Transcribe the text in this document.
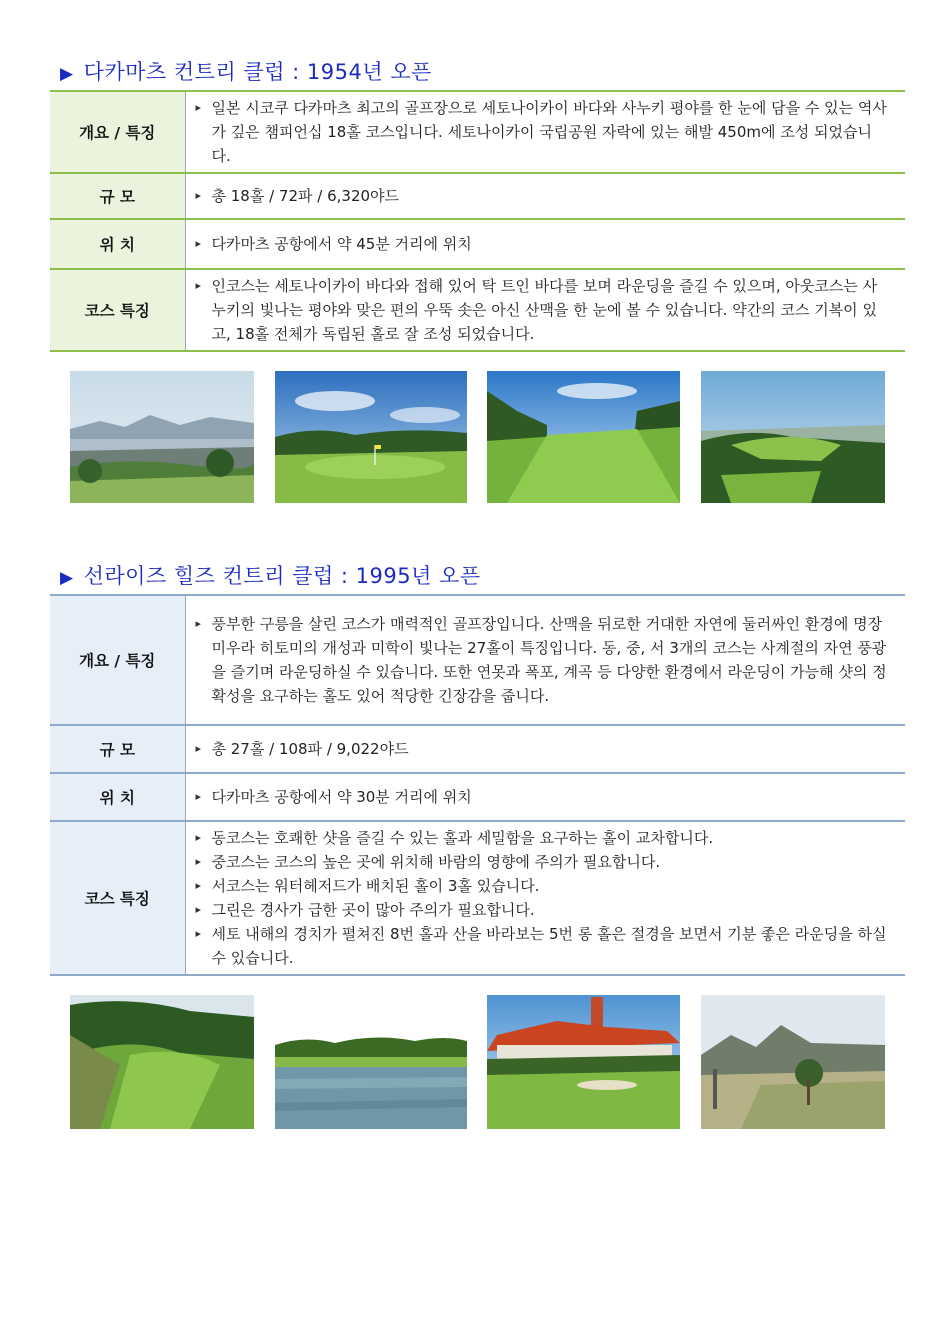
▶ 다카마츠 컨트리 클럽 : 1954년 오픈
개요 / 특징	▸ 일본 시코쿠 다카마츠 최고의 골프장으로 세토나이카이 바다와 사누키 평야를 한 눈에 담을 수 있는 역사가 깊은 챔피언십 18홀 코스입니다. 세토나이카이 국립공원 자락에 있는 해발 450m에 조성 되었습니다.

규 모	▸ 총 18홀 / 72파 / 6,320야드

위 치	▸ 다카마츠 공항에서 약 45분 거리에 위치

코스 특징	▸ 인코스는 세토나이카이 바다와 접해 있어 탁 트인 바다를 보며 라운딩을 즐길 수 있으며, 아웃코스는 사누키의 빛나는 평야와 맞은 편의 우뚝 솟은 아신 산맥을 한 눈에 볼 수 있습니다. 약간의 코스 기복이 있고, 18홀 전체가 독립된 홀로 잘 조성 되었습니다.
▶ 선라이즈 힐즈 컨트리 클럽 : 1995년 오픈
개요 / 특징	▸ 풍부한 구릉을 살린 코스가 매력적인 골프장입니다. 산맥을 뒤로한 거대한 자연에 둘러싸인 환경에 명장 미우라 히토미의 개성과 미학이 빛나는 27홀이 특징입니다. 동, 중, 서 3개의 코스는 사계절의 자연 풍광을 즐기며 라운딩하실 수 있습니다. 또한 연못과 폭포, 계곡 등 다양한 환경에서 라운딩이 가능해 샷의 정확성을 요구하는 홀도 있어 적당한 긴장감을 줍니다.

규 모	▸ 총 27홀 / 108파 / 9,022야드

위 치	▸ 다카마츠 공항에서 약 30분 거리에 위치

코스 특징	▸ 동코스는 호쾌한 샷을 즐길 수 있는 홀과 세밀함을 요구하는 홀이 교차합니다.
▸ 중코스는 코스의 높은 곳에 위치해 바람의 영향에 주의가 필요합니다.
▸ 서코스는 워터헤저드가 배치된 홀이 3홀 있습니다.
▸ 그린은 경사가 급한 곳이 많아 주의가 필요합니다.
▸ 세토 내해의 경치가 펼쳐진 8번 홀과 산을 바라보는 5번 롱 홀은 절경을 보면서 기분 좋은 라운딩을 하실 수 있습니다.
